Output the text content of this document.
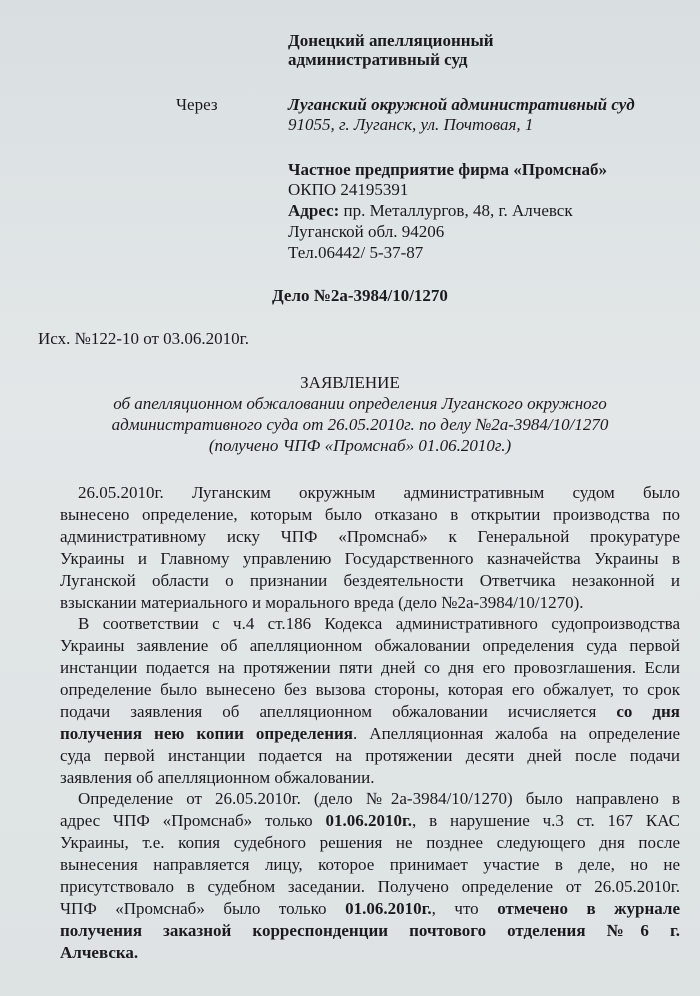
Донецкий апелляционный
административный суд
Через	Луганский окружной административный суд
91055, г. Луганск, ул. Почтовая, 1
Частное предприятие фирма «Промснаб»
ОКПО 24195391
Адрес: пр. Металлургов, 48, г. Алчевск
Луганской обл. 94206
Тел.06442/ 5-37-87
Дело №2а-3984/10/1270
Исх. №122-10 от 03.06.2010г.
ЗАЯВЛЕНИЕ
об апелляционном обжаловании определения Луганского окружного
административного суда от 26.05.2010г. по делу №2а-3984/10/1270
(получено ЧПФ «Промснаб» 01.06.2010г.)
26.05.2010г. Луганским окружным административным судом было
вынесено определение, которым было отказано в открытии производства по
административному иску ЧПФ «Промснаб» к Генеральной прокуратуре
Украины и Главному управлению Государственного казначейства Украины в
Луганской области о признании бездеятельности Ответчика незаконной и
взыскании материального и морального вреда (дело №2а-3984/10/1270).
В соответствии с ч.4 ст.186 Кодекса административного судопроизводства
Украины заявление об апелляционном обжаловании определения суда первой
инстанции подается на протяжении пяти дней со дня его провозглашения. Если
определение было вынесено без вызова стороны, которая его обжалует, то срок
подачи заявления об апелляционном обжаловании исчисляется со дня
получения нею копии определения. Апелляционная жалоба на определение
суда первой инстанции подается на протяжении десяти дней после подачи
заявления об апелляционном обжаловании.
Определение от 26.05.2010г. (дело №2а-3984/10/1270) было направлено в
адрес ЧПФ «Промснаб» только 01.06.2010г., в нарушение ч.3 ст. 167 КАС
Украины, т.е. копия судебного решения не позднее следующего дня после
вынесения направляется лицу, которое принимает участие в деле, но не
присутствовало в судебном заседании. Получено определение от 26.05.2010г.
ЧПФ «Промснаб» было только 01.06.2010г., что отмечено в журнале
получения заказной корреспонденции почтового отделения №6 г.
Алчевска.
